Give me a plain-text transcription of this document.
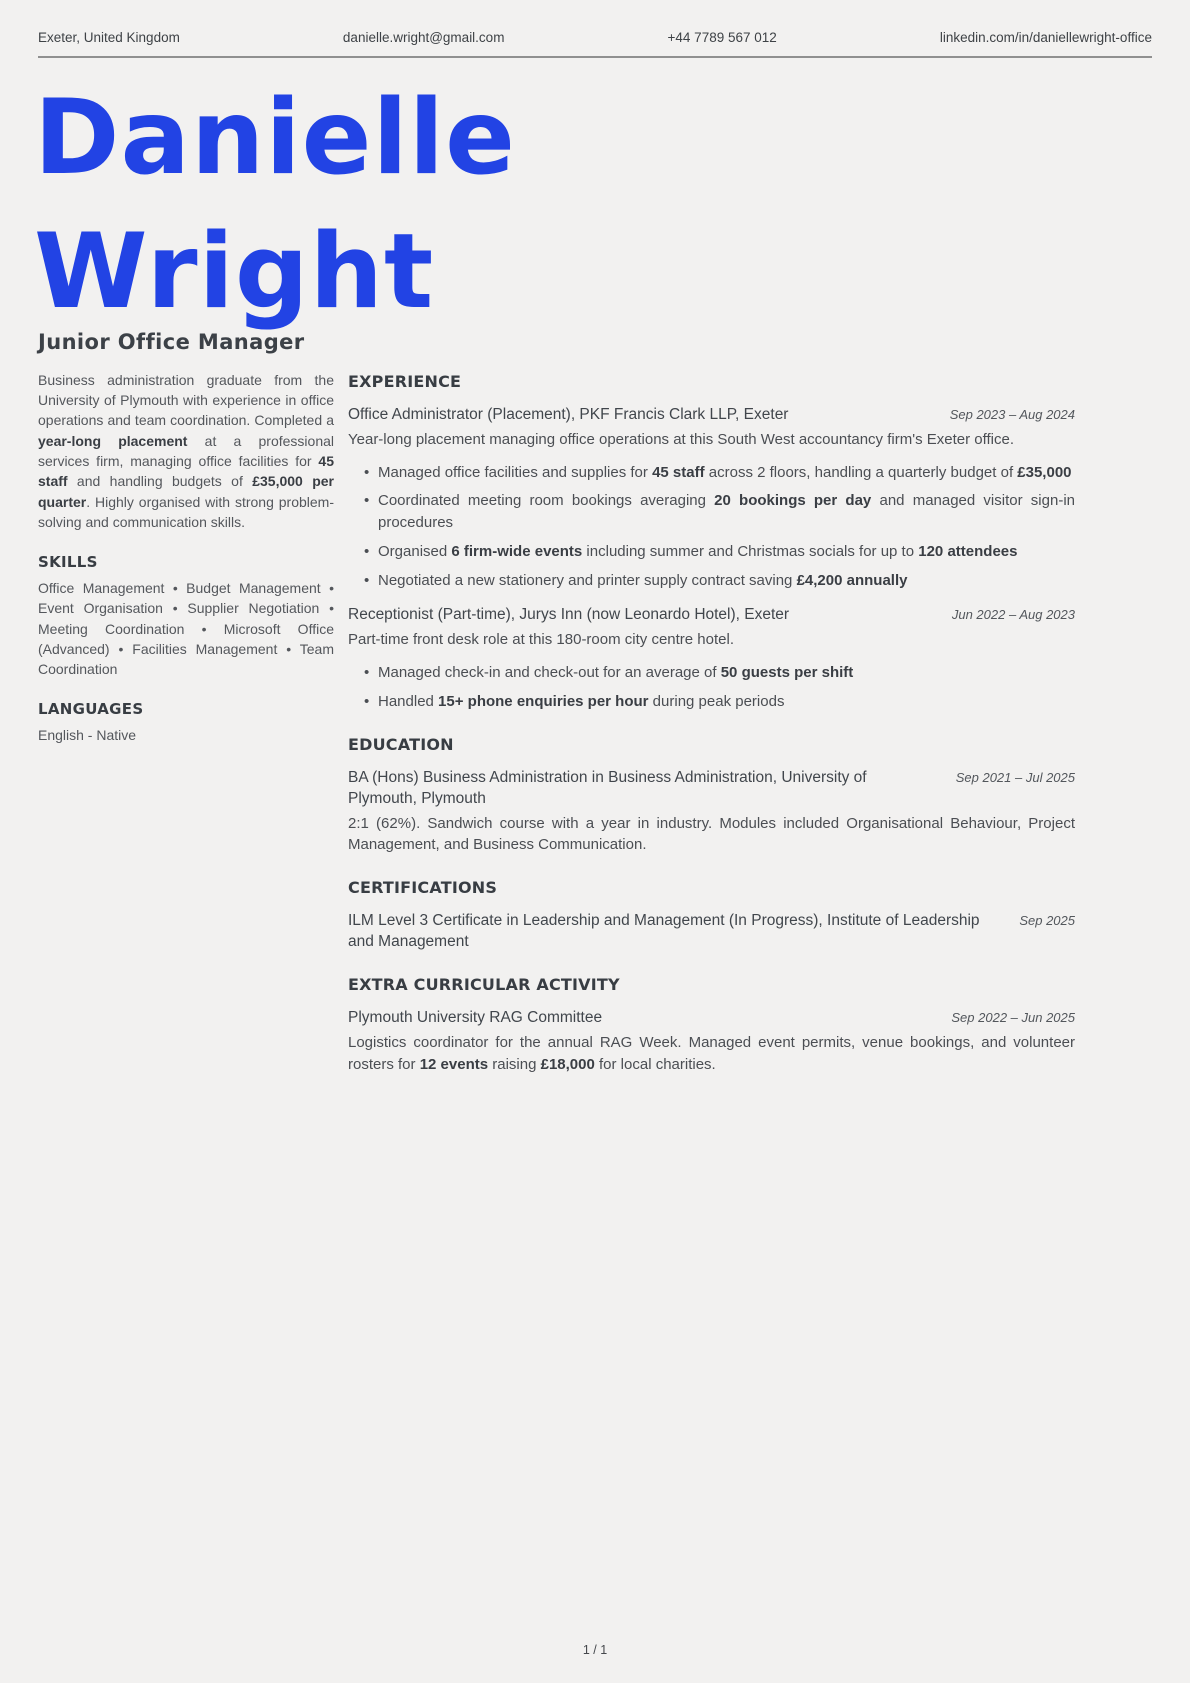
Exeter, United Kingdom	danielle.wright@gmail.com	+44 7789 567 012	linkedin.com/in/daniellewright-office
Danielle
Wright
Junior Office Manager

Business administration graduate from the University of Plymouth with experience in office operations and team coordination. Completed a year-long placement at a professional services firm, managing office facilities for 45 staff and handling budgets of £35,000 per quarter. Highly organised with strong problem-solving and communication skills.

SKILLS

Office Management • Budget Management • Event Organisation • Supplier Negotiation • Meeting Coordination • Microsoft Office (Advanced) • Facilities Management • Team Coordination

LANGUAGES

English - Native

EXPERIENCE
Office Administrator (Placement), PKF Francis Clark LLP, Exeter	Sep 2023 – Aug 2024

Year-long placement managing office operations at this South West accountancy firm's Exeter office.

• Managed office facilities and supplies for 45 staff across 2 floors, handling a quarterly budget of £35,000
• Coordinated meeting room bookings averaging 20 bookings per day and managed visitor sign-in procedures
• Organised 6 firm-wide events including summer and Christmas socials for up to 120 attendees
• Negotiated a new stationery and printer supply contract saving £4,200 annually
Receptionist (Part-time), Jurys Inn (now Leonardo Hotel), Exeter	Jun 2022 – Aug 2023

Part-time front desk role at this 180-room city centre hotel.

• Managed check-in and check-out for an average of 50 guests per shift
• Handled 15+ phone enquiries per hour during peak periods
EDUCATION
BA (Hons) Business Administration in Business Administration, University of Plymouth, Plymouth
Sep 2021 – Jul 2025

2:1 (62%). Sandwich course with a year in industry. Modules included Organisational Behaviour, Project Management, and Business Communication.

CERTIFICATIONS
ILM Level 3 Certificate in Leadership and Management (In Progress), Institute of Leadership and Management
Sep 2025
EXTRA CURRICULAR ACTIVITY
Plymouth University RAG Committee	Sep 2022 – Jun 2025

Logistics coordinator for the annual RAG Week. Managed event permits, venue bookings, and volunteer rosters for 12 events raising £18,000 for local charities.

1 / 1
